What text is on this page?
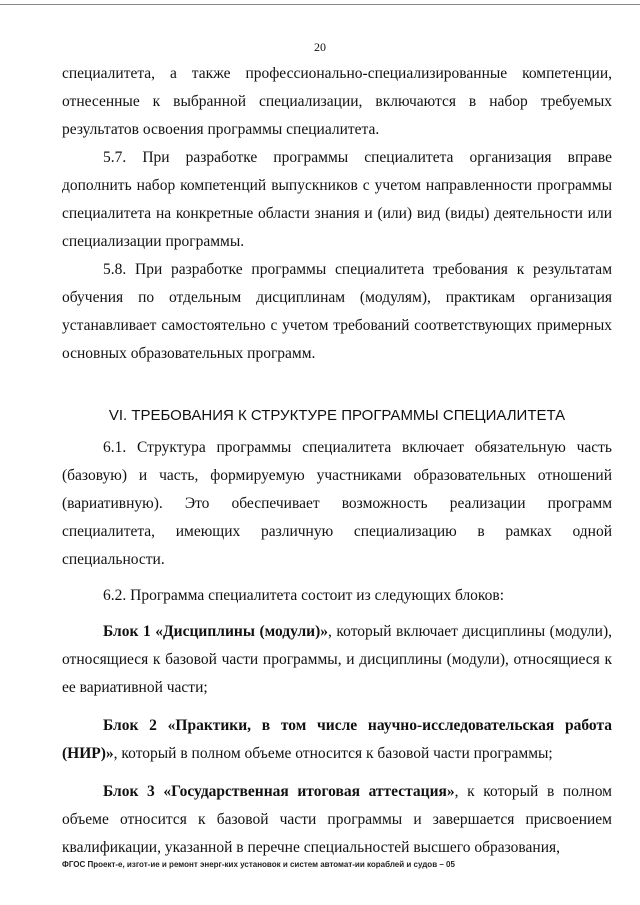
20

специалитета, а также профессионально-специализированные компетенции, отнесенные к выбранной специализации, включаются в набор требуемых результатов освоения программы специалитета.

5.7. При разработке программы специалитета организация вправе дополнить набор компетенций выпускников с учетом направленности программы специалитета на конкретные области знания и (или) вид (виды) деятельности или специализации программы.

5.8. При разработке программы специалитета требования к результатам обучения по отдельным дисциплинам (модулям), практикам организация устанавливает самостоятельно с учетом требований соответствующих примерных основных образовательных программ.

VI. ТРЕБОВАНИЯ К СТРУКТУРЕ ПРОГРАММЫ СПЕЦИАЛИТЕТА

6.1. Структура программы специалитета включает обязательную часть (базовую) и часть, формируемую участниками образовательных отношений (вариативную). Это обеспечивает возможность реализации программ специалитета, имеющих различную специализацию в рамках одной специальности.

6.2. Программа специалитета состоит из следующих блоков:

Блок 1 «Дисциплины (модули)», который включает дисциплины (модули), относящиеся к базовой части программы, и дисциплины (модули), относящиеся к ее вариативной части;

Блок 2 «Практики, в том числе научно-исследовательская работа (НИР)», который в полном объеме относится к базовой части программы;

Блок 3 «Государственная итоговая аттестация», к который в полном объеме относится к базовой части программы и завершается присвоением квалификации, указанной в перечне специальностей высшего образования,

ФГОС Проект-е, изгот-ие и ремонт энерг-ких установок и систем автомат-ии кораблей и судов – 05
